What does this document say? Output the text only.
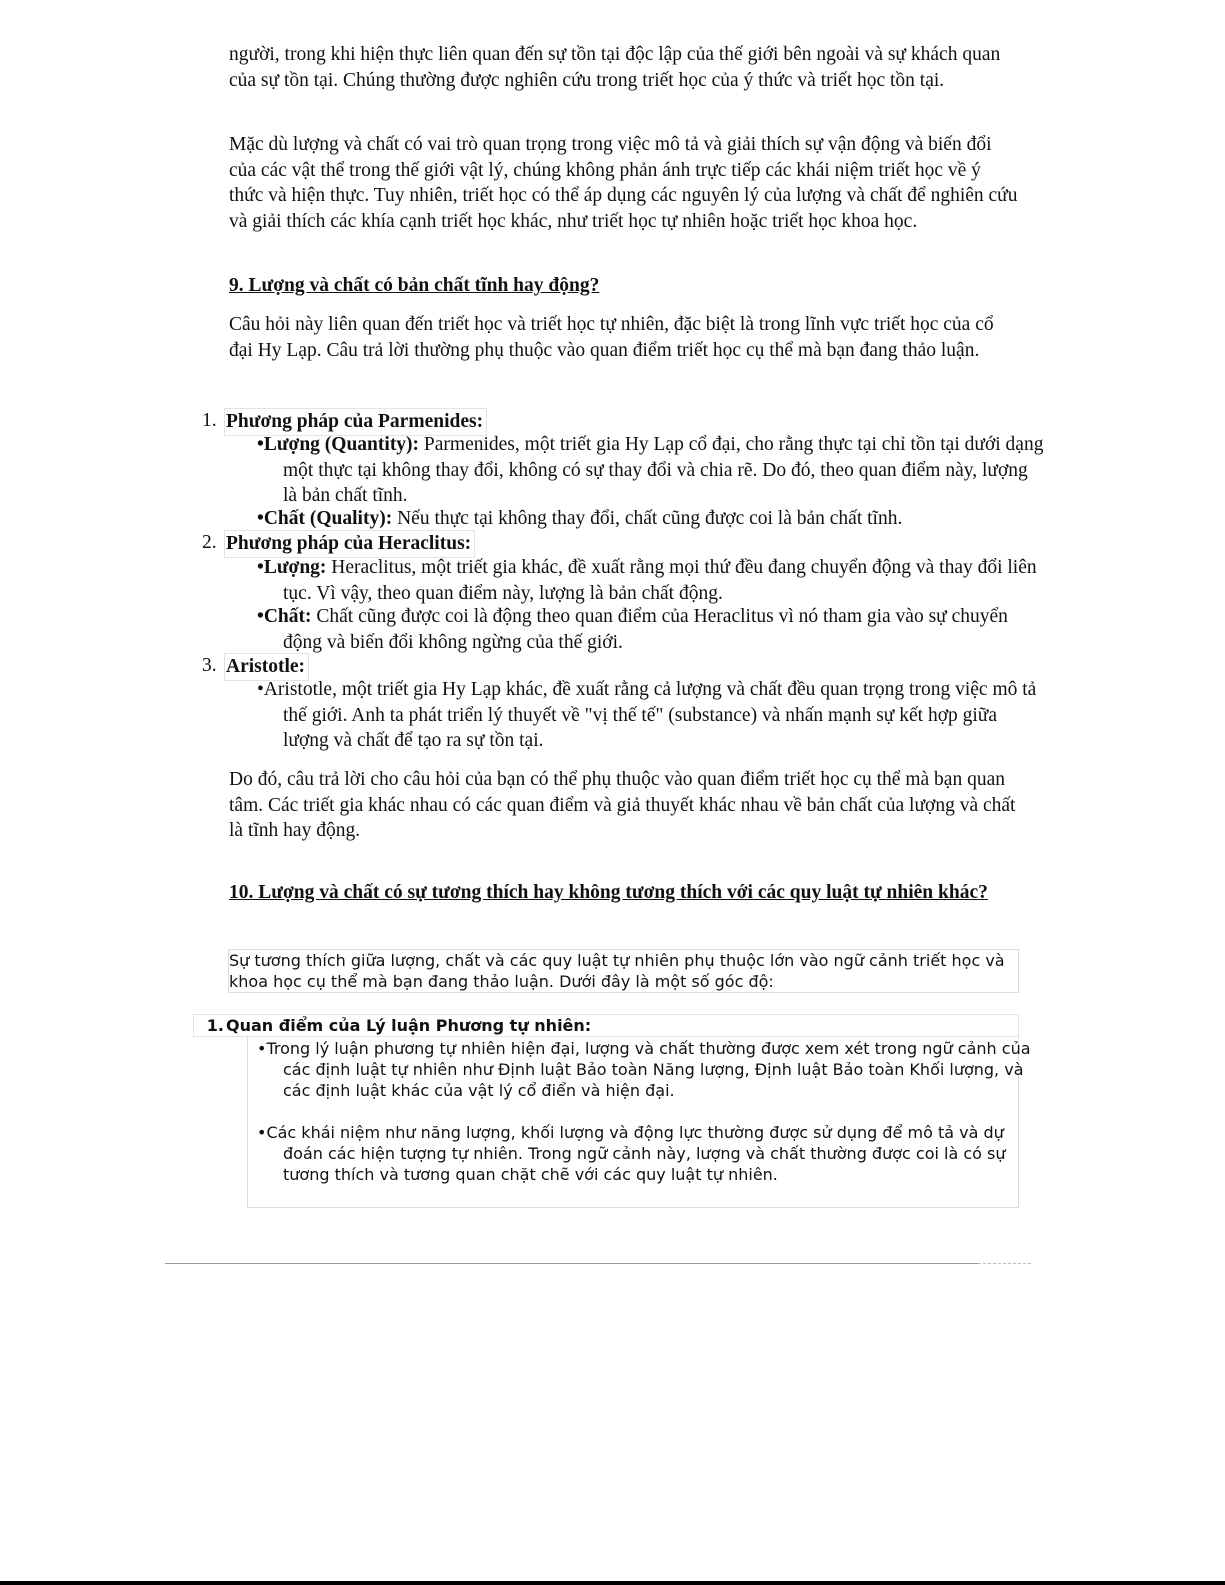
người, trong khi hiện thực liên quan đến sự tồn tại độc lập của thế giới bên ngoài và sự khách quan của sự tồn tại. Chúng thường được nghiên cứu trong triết học của ý thức và triết học tồn tại.

Mặc dù lượng và chất có vai trò quan trọng trong việc mô tả và giải thích sự vận động và biến đổi của các vật thể trong thế giới vật lý, chúng không phản ánh trực tiếp các khái niệm triết học về ý thức và hiện thực. Tuy nhiên, triết học có thể áp dụng các nguyên lý của lượng và chất để nghiên cứu và giải thích các khía cạnh triết học khác, như triết học tự nhiên hoặc triết học khoa học.

9. Lượng và chất có bản chất tĩnh hay động?

Câu hỏi này liên quan đến triết học và triết học tự nhiên, đặc biệt là trong lĩnh vực triết học của cổ đại Hy Lạp. Câu trả lời thường phụ thuộc vào quan điểm triết học cụ thể mà bạn đang thảo luận.

1. Phương pháp của Parmenides:

•Lượng (Quantity): Parmenides, một triết gia Hy Lạp cổ đại, cho rằng thực tại chỉ tồn tại dưới dạng một thực tại không thay đổi, không có sự thay đổi và chia rẽ. Do đó, theo quan điểm này, lượng là bản chất tĩnh.

•Chất (Quality): Nếu thực tại không thay đổi, chất cũng được coi là bản chất tĩnh.

2. Phương pháp của Heraclitus:

•Lượng: Heraclitus, một triết gia khác, đề xuất rằng mọi thứ đều đang chuyển động và thay đổi liên tục. Vì vậy, theo quan điểm này, lượng là bản chất động.

•Chất: Chất cũng được coi là động theo quan điểm của Heraclitus vì nó tham gia vào sự chuyển động và biến đổi không ngừng của thế giới.

3. Aristotle:

•Aristotle, một triết gia Hy Lạp khác, đề xuất rằng cả lượng và chất đều quan trọng trong việc mô tả thế giới. Anh ta phát triển lý thuyết về "vị thế tế" (substance) và nhấn mạnh sự kết hợp giữa lượng và chất để tạo ra sự tồn tại.

Do đó, câu trả lời cho câu hỏi của bạn có thể phụ thuộc vào quan điểm triết học cụ thể mà bạn quan tâm. Các triết gia khác nhau có các quan điểm và giả thuyết khác nhau về bản chất của lượng và chất là tĩnh hay động.

10. Lượng và chất có sự tương thích hay không tương thích với các quy luật tự nhiên khác?

Sự tương thích giữa lượng, chất và các quy luật tự nhiên phụ thuộc lớn vào ngữ cảnh triết học và khoa học cụ thể mà bạn đang thảo luận. Dưới đây là một số góc độ:

1. Quan điểm của Lý luận Phương tự nhiên:

•Trong lý luận phương tự nhiên hiện đại, lượng và chất thường được xem xét trong ngữ cảnh của các định luật tự nhiên như Định luật Bảo toàn Năng lượng, Định luật Bảo toàn Khối lượng, và các định luật khác của vật lý cổ điển và hiện đại.

•Các khái niệm như năng lượng, khối lượng và động lực thường được sử dụng để mô tả và dự đoán các hiện tượng tự nhiên. Trong ngữ cảnh này, lượng và chất thường được coi là có sự tương thích và tương quan chặt chẽ với các quy luật tự nhiên.
